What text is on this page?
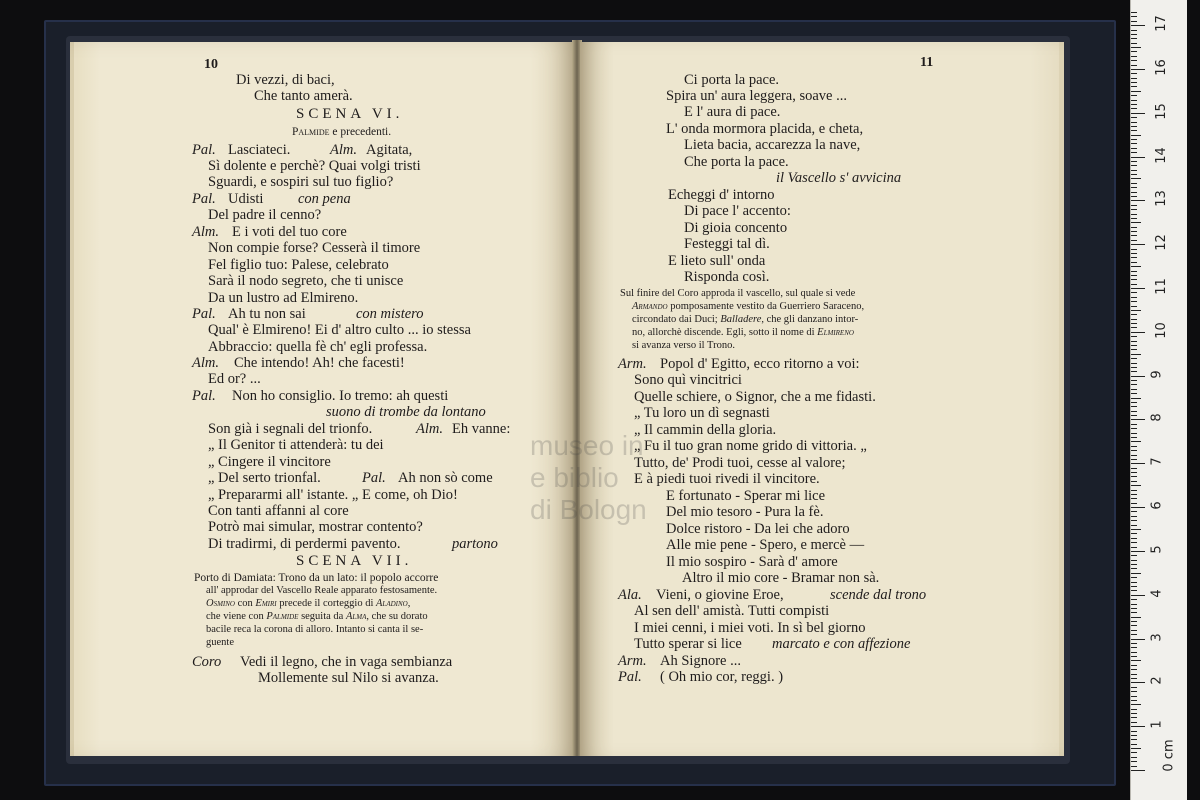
10
Di vezzi, di baci,
Che tanto amerà.
SCENA VI.
Palmide e precedenti.
Pal. Lasciateci.	Alm. Agitata,
Sì dolente e perchè? Quai volgi tristi
Sguardi, e sospiri sul tuo figlio?
Pal. Udisti con pena
Del padre il cenno?
Alm. E i voti del tuo core
Non compie forse? Cesserà il timore
Fel figlio tuo: Palese, celebrato
Sarà il nodo segreto, che ti unisce
Da un lustro ad Elmireno.
Pal. Ah tu non sai	con mistero
Qual' è Elmireno! Ei d' altro culto ... io stessa
Abbraccio: quella fè ch' egli professa.
Alm. Che intendo! Ah! che facesti!
Ed or? ...
Pal. Non ho consiglio. Io tremo: ah questi
suono di trombe da lontano
Son già i segnali del trionfo.	Alm. Eh vanne:
„ Il Genitor ti attenderà: tu dei
„ Cingere il vincitore
„ Del serto trionfal.	Pal. Ah non sò come
„ Prepararmi all' istante. „ E come, oh Dio!
Con tanti affanni al core
Potrò mai simular, mostrar contento?
Di tradirmi, di perdermi pavento.	partono
SCENA VII.
Porto di Damiata: Trono da un lato: il popolo accorre
all' approdar del Vascello Reale apparato festosamente.
Osmino con Emiri precede il corteggio di Aladino,
che viene con Palmide seguita da Alma, che su dorato
bacile reca la corona di alloro. Intanto si canta il se-
guente
Coro Vedi il legno, che in vaga sembianza
Mollemente sul Nilo si avanza.
11
Ci porta la pace.
Spira un' aura leggera, soave ...
E l' aura di pace.
L' onda mormora placida, e cheta,
Lieta bacia, accarezza la nave,
Che porta la pace.
il Vascello s' avvicina
Echeggi d' intorno
Di pace l' accento:
Di gioia concento
Festeggi tal dì.
E lieto sull' onda
Risponda così.
Sul finire del Coro approda il vascello, sul quale si vede
Armando pomposamente vestito da Guerriero Saraceno,
circondato dai Duci; Balladere, che gli danzano intor-
no, allorchè discende. Egli, sotto il nome di Elmireno
si avanza verso il Trono.
Arm. Popol d' Egitto, ecco ritorno a voi:
Sono quì vincitrici
Quelle schiere, o Signor, che a me fidasti.
„ Tu loro un dì segnasti
„ Il cammin della gloria.
„ Fu il tuo gran nome grido di vittoria. „
Tutto, de' Prodi tuoi, cesse al valore;
E à piedi tuoi rivedi il vincitore.
E fortunato - Sperar mi lice
Del mio tesoro - Pura la fè.
Dolce ristoro - Da lei che adoro
Alle mie pene - Spero, e mercè —
Il mio sospiro - Sarà d' amore
Altro il mio core - Bramar non sà.
Ala. Vieni, o giovine Eroe,	scende dal trono
Al sen dell' amistà. Tutti compisti
I miei cenni, i miei voti. In sì bel giorno
Tutto sperar si lice marcato e con affezione
Arm. Ah Signore ...
Pal. ( Oh mio cor, reggi. )
museo in
e biblio
di Bologn
0 cm
1
2
3
4
5
6
7
8
9
10
11
12
13
14
15
16
17
